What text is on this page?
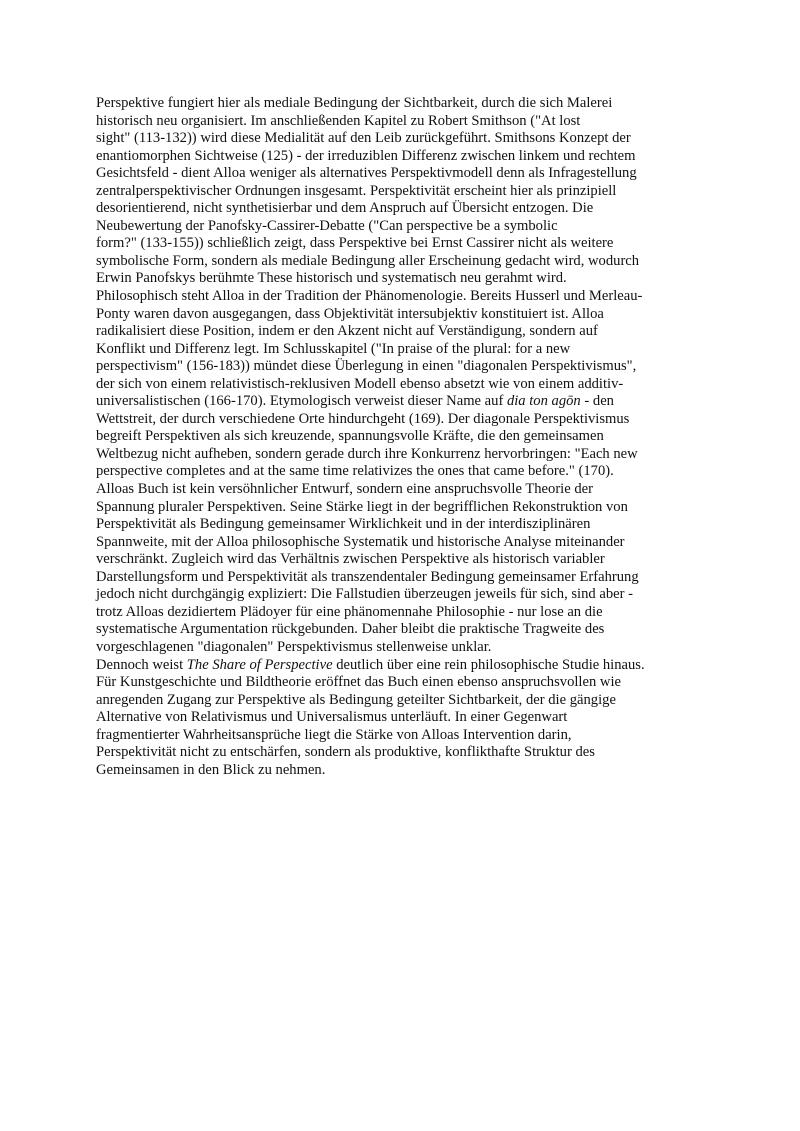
Perspektive fungiert hier als mediale Bedingung der Sichtbarkeit, durch die sich Malerei
historisch neu organisiert. Im anschließenden Kapitel zu Robert Smithson ("At lost
sight" (113-132)) wird diese Medialität auf den Leib zurückgeführt. Smithsons Konzept der
enantiomorphen Sichtweise (125) - der irreduziblen Differenz zwischen linkem und rechtem
Gesichtsfeld - dient Alloa weniger als alternatives Perspektivmodell denn als Infragestellung
zentralperspektivischer Ordnungen insgesamt. Perspektivität erscheint hier als prinzipiell
desorientierend, nicht synthetisierbar und dem Anspruch auf Übersicht entzogen. Die
Neubewertung der Panofsky-Cassirer-Debatte ("Can perspective be a symbolic
form?" (133-155)) schließlich zeigt, dass Perspektive bei Ernst Cassirer nicht als weitere
symbolische Form, sondern als mediale Bedingung aller Erscheinung gedacht wird, wodurch
Erwin Panofskys berühmte These historisch und systematisch neu gerahmt wird.
Philosophisch steht Alloa in der Tradition der Phänomenologie. Bereits Husserl und Merleau-
Ponty waren davon ausgegangen, dass Objektivität intersubjektiv konstituiert ist. Alloa
radikalisiert diese Position, indem er den Akzent nicht auf Verständigung, sondern auf
Konflikt und Differenz legt. Im Schlusskapitel ("In praise of the plural: for a new
perspectivism" (156-183)) mündet diese Überlegung in einen "diagonalen Perspektivismus",
der sich von einem relativistisch-reklusiven Modell ebenso absetzt wie von einem additiv-
universalistischen (166-170). Etymologisch verweist dieser Name auf dia ton agōn - den
Wettstreit, der durch verschiedene Orte hindurchgeht (169). Der diagonale Perspektivismus
begreift Perspektiven als sich kreuzende, spannungsvolle Kräfte, die den gemeinsamen
Weltbezug nicht aufheben, sondern gerade durch ihre Konkurrenz hervorbringen: "Each new
perspective completes and at the same time relativizes the ones that came before." (170).
Alloas Buch ist kein versöhnlicher Entwurf, sondern eine anspruchsvolle Theorie der
Spannung pluraler Perspektiven. Seine Stärke liegt in der begrifflichen Rekonstruktion von
Perspektivität als Bedingung gemeinsamer Wirklichkeit und in der interdisziplinären
Spannweite, mit der Alloa philosophische Systematik und historische Analyse miteinander
verschränkt. Zugleich wird das Verhältnis zwischen Perspektive als historisch variabler
Darstellungsform und Perspektivität als transzendentaler Bedingung gemeinsamer Erfahrung
jedoch nicht durchgängig expliziert: Die Fallstudien überzeugen jeweils für sich, sind aber -
trotz Alloas dezidiertem Plädoyer für eine phänomennahe Philosophie - nur lose an die
systematische Argumentation rückgebunden. Daher bleibt die praktische Tragweite des
vorgeschlagenen "diagonalen" Perspektivismus stellenweise unklar.
Dennoch weist The Share of Perspective deutlich über eine rein philosophische Studie hinaus.
Für Kunstgeschichte und Bildtheorie eröffnet das Buch einen ebenso anspruchsvollen wie
anregenden Zugang zur Perspektive als Bedingung geteilter Sichtbarkeit, der die gängige
Alternative von Relativismus und Universalismus unterläuft. In einer Gegenwart
fragmentierter Wahrheitsansprüche liegt die Stärke von Alloas Intervention darin,
Perspektivität nicht zu entschärfen, sondern als produktive, konflikthafte Struktur des
Gemeinsamen in den Blick zu nehmen.
